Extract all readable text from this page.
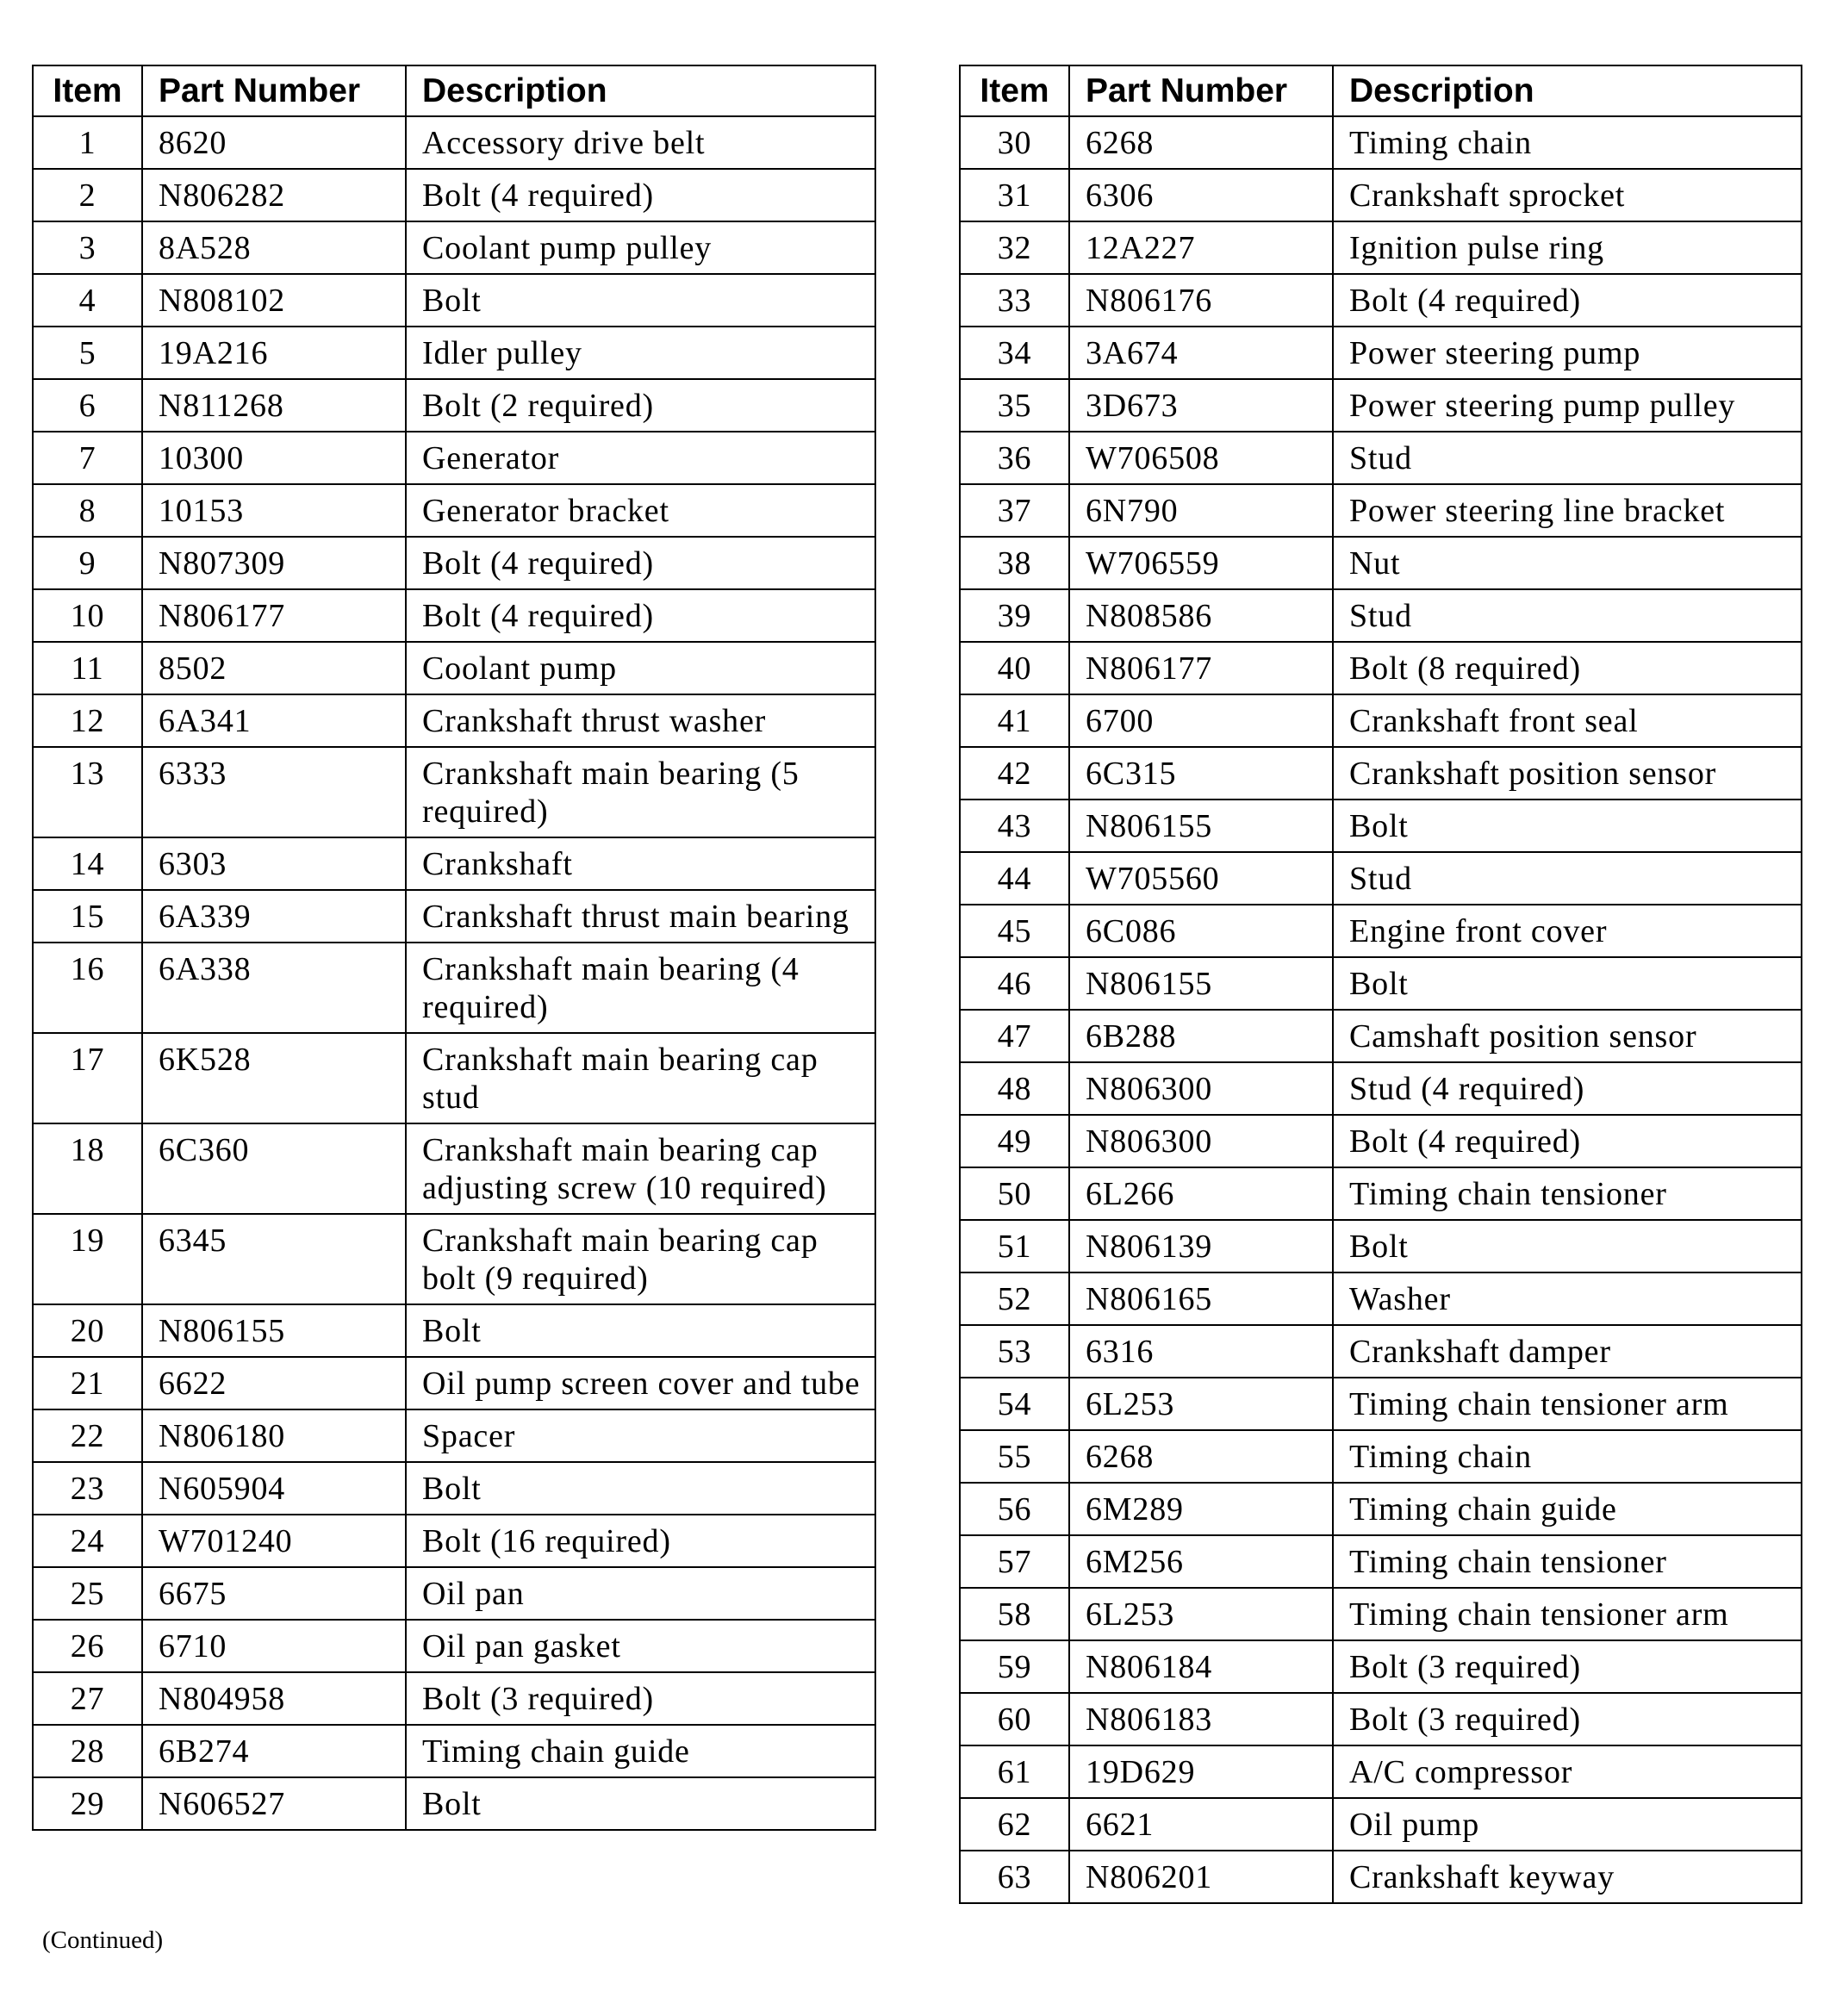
Item	Part Number	Description
1	8620	Accessory drive belt
2	N806282	Bolt (4 required)
3	8A528	Coolant pump pulley
4	N808102	Bolt
5	19A216	Idler pulley
6	N811268	Bolt (2 required)
7	10300	Generator
8	10153	Generator bracket
9	N807309	Bolt (4 required)
10	N806177	Bolt (4 required)
11	8502	Coolant pump
12	6A341	Crankshaft thrust washer
13	6333	Crankshaft main bearing (5 required)
14	6303	Crankshaft
15	6A339	Crankshaft thrust main bearing
16	6A338	Crankshaft main bearing (4 required)
17	6K528	Crankshaft main bearing cap stud
18	6C360	Crankshaft main bearing cap adjusting screw (10 required)
19	6345	Crankshaft main bearing cap bolt (9 required)
20	N806155	Bolt
21	6622	Oil pump screen cover and tube
22	N806180	Spacer
23	N605904	Bolt
24	W701240	Bolt (16 required)
25	6675	Oil pan
26	6710	Oil pan gasket
27	N804958	Bolt (3 required)
28	6B274	Timing chain guide
29	N606527	Bolt
Item	Part Number	Description
30	6268	Timing chain
31	6306	Crankshaft sprocket
32	12A227	Ignition pulse ring
33	N806176	Bolt (4 required)
34	3A674	Power steering pump
35	3D673	Power steering pump pulley
36	W706508	Stud
37	6N790	Power steering line bracket
38	W706559	Nut
39	N808586	Stud
40	N806177	Bolt (8 required)
41	6700	Crankshaft front seal
42	6C315	Crankshaft position sensor
43	N806155	Bolt
44	W705560	Stud
45	6C086	Engine front cover
46	N806155	Bolt
47	6B288	Camshaft position sensor
48	N806300	Stud (4 required)
49	N806300	Bolt (4 required)
50	6L266	Timing chain tensioner
51	N806139	Bolt
52	N806165	Washer
53	6316	Crankshaft damper
54	6L253	Timing chain tensioner arm
55	6268	Timing chain
56	6M289	Timing chain guide
57	6M256	Timing chain tensioner
58	6L253	Timing chain tensioner arm
59	N806184	Bolt (3 required)
60	N806183	Bolt (3 required)
61	19D629	A/C compressor
62	6621	Oil pump
63	N806201	Crankshaft keyway
(Continued)
